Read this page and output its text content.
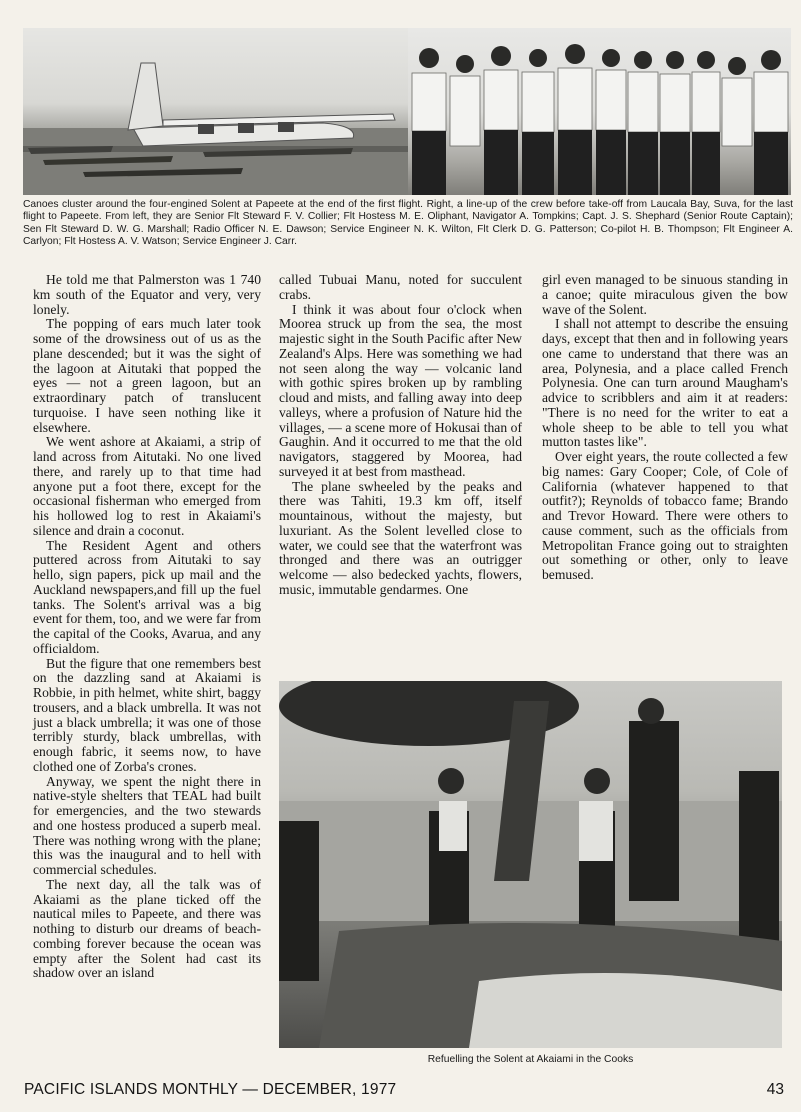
Canoes cluster around the four-engined Solent at Papeete at the end of the first flight. Right, a line-up of the crew before take-off from Laucala Bay, Suva, for the last flight to Papeete. From left, they are Senior Flt Steward F. V. Collier; Flt Hostess M. E. Oliphant, Navigator A. Tompkins; Capt. J. S. Shephard (Senior Route Captain); Sen Flt Steward D. W. G. Marshall; Radio Officer N. E. Dawson; Service Engineer N. K. Wilton, Flt Clerk D. G. Patterson; Co-pilot H. B. Thompson; Flt Engineer A. Carlyon; Flt Hostess A. V. Watson; Service Engineer J. Carr.

He told me that Palmerston was 1 740 km south of the Equator and very, very lonely.

The popping of ears much later took some of the drowsiness out of us as the plane descended; but it was the sight of the lagoon at Aitutaki that popped the eyes — not a green lagoon, but an extraordinary patch of translucent turquoise. I have seen nothing like it elsewhere.

We went ashore at Akaiami, a strip of land across from Aitutaki. No one lived there, and rarely up to that time had anyone put a foot there, except for the occasional fisherman who emerged from his hollowed log to rest in Akaiami's silence and drain a coconut.

The Resident Agent and others puttered across from Aitutaki to say hello, sign papers, pick up mail and the Auckland newspapers,and fill up the fuel tanks. The Solent's arrival was a big event for them, too, and we were far from the capital of the Cooks, Avarua, and any officialdom.

But the figure that one remembers best on the dazzling sand at Akaiami is Robbie, in pith helmet, white shirt, baggy trousers, and a black umbrella. It was not just a black umbrella; it was one of those terribly sturdy, black umbrellas, with enough fabric, it seems now, to have clothed one of Zorba's crones.

Anyway, we spent the night there in native-style shelters that TEAL had built for emergencies, and the two stewards and one hostess produced a superb meal. There was nothing wrong with the plane; this was the inaugural and to hell with commercial schedules.

The next day, all the talk was of Akaiami as the plane ticked off the nautical miles to Papeete, and there was nothing to disturb our dreams of beach-combing forever because the ocean was empty after the Solent had cast its shadow over an island

called Tubuai Manu, noted for succulent crabs.

I think it was about four o'clock when Moorea struck up from the sea, the most majestic sight in the South Pacific after New Zealand's Alps. Here was something we had not seen along the way — volcanic land with gothic spires broken up by rambling cloud and mists, and falling away into deep valleys, where a profusion of Nature hid the villages, — a scene more of Hokusai than of Gaughin. And it occurred to me that the old navigators, staggered by Moorea, had surveyed it at best from masthead.

The plane swheeled by the peaks and there was Tahiti, 19.3 km off, itself mountainous, without the majesty, but luxuriant. As the Solent levelled close to water, we could see that the waterfront was thronged and there was an outrigger welcome — also bedecked yachts, flowers, music, immutable gendarmes. One

girl even managed to be sinuous standing in a canoe; quite miraculous given the bow wave of the Solent.

I shall not attempt to describe the ensuing days, except that then and in following years one came to understand that there was an area, Polynesia, and a place called French Polynesia. One can turn around Maugham's advice to scribblers and aim it at readers: "There is no need for the writer to eat a whole sheep to be able to tell you what mutton tastes like".

Over eight years, the route collected a few big names: Gary Cooper; Cole, of Cole of California (whatever happened to that outfit?); Reynolds of tobacco fame; Brando and Trevor Howard. There were others to cause comment, such as the officials from Metropolitan France going out to straighten out something or other, only to leave bemused.

Refuelling the Solent at Akaiami in the Cooks
PACIFIC ISLANDS MONTHLY — DECEMBER, 1977	43
